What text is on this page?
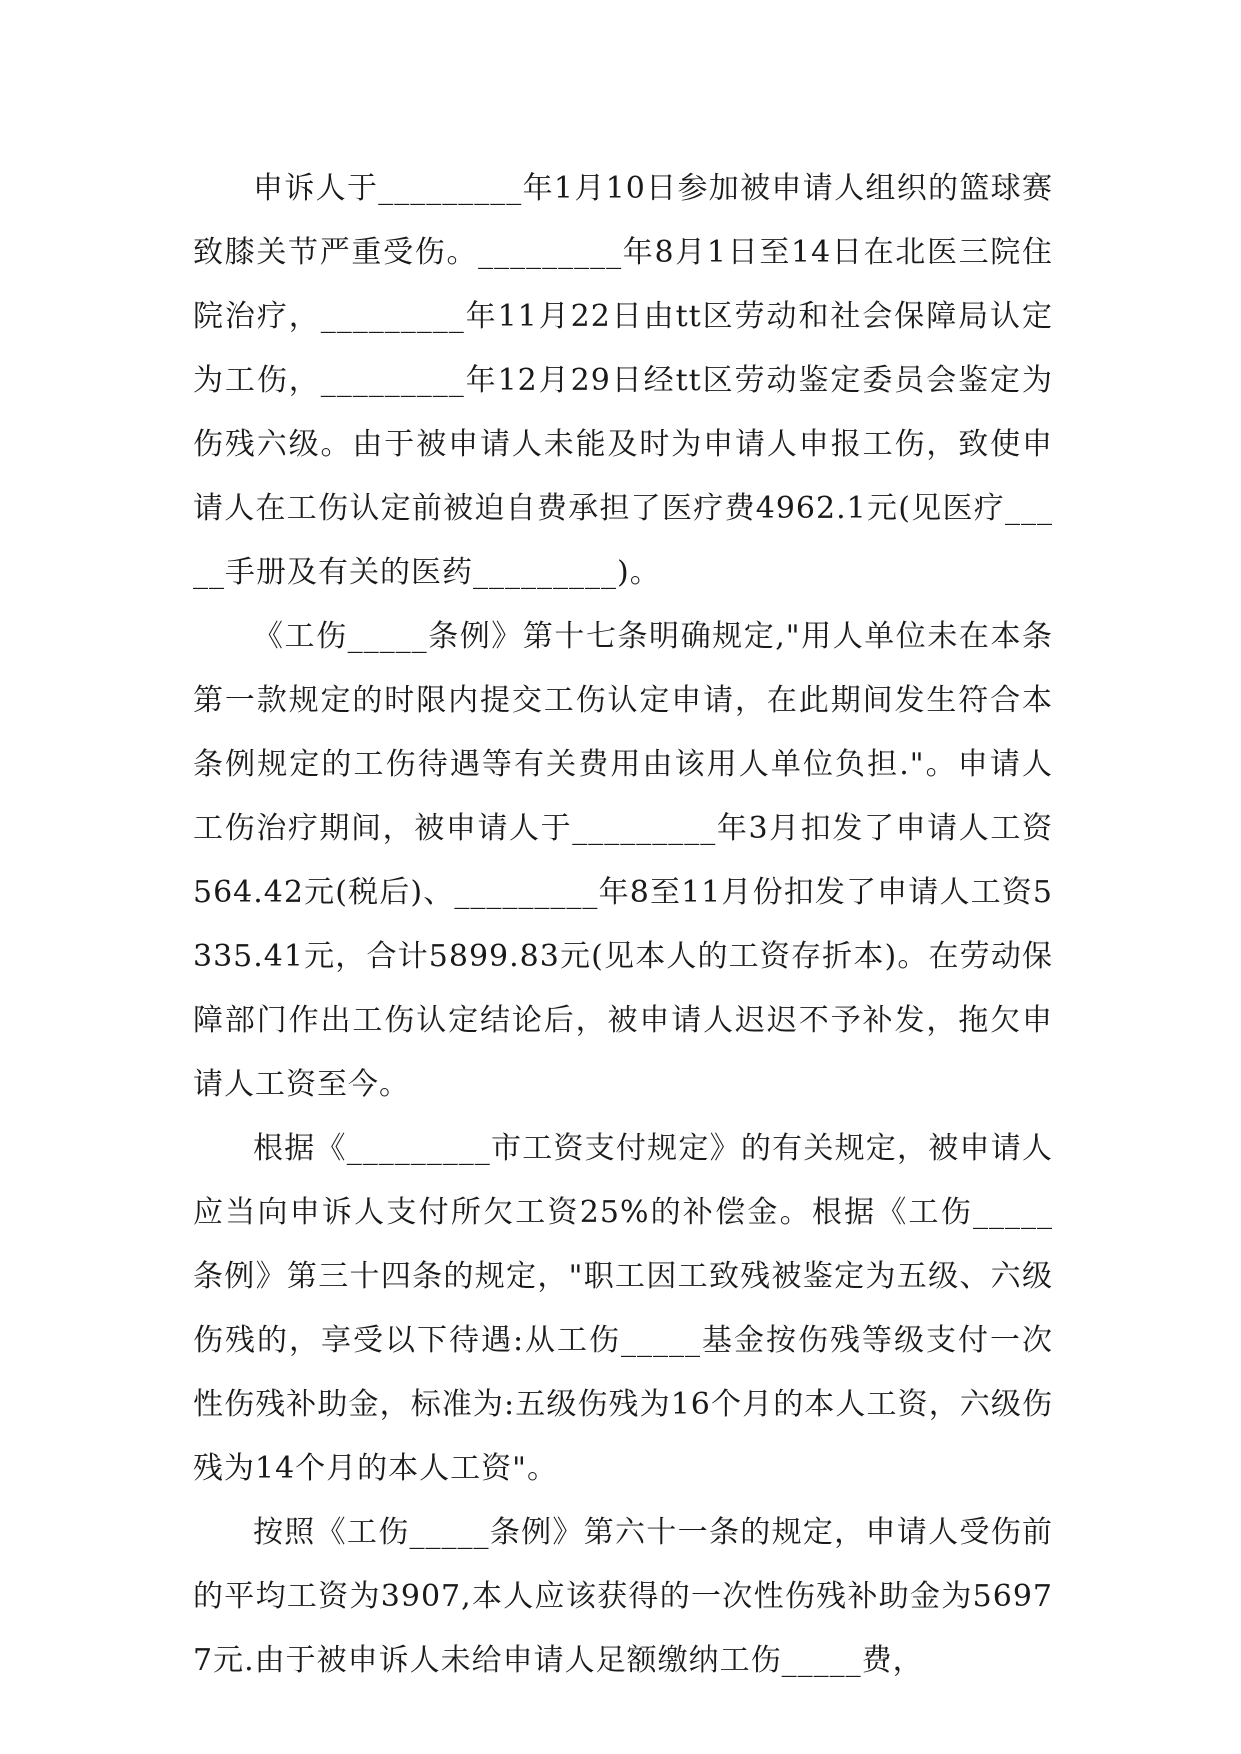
申诉人于_________年1月10日参加被申请人组织的篮球赛致膝关节严重受伤。_________年8月1日至14日在北医三院住院治疗，_________年11月22日由tt区劳动和社会保障局认定为工伤，_________年12月29日经tt区劳动鉴定委员会鉴定为伤残六级。由于被申请人未能及时为申请人申报工伤，致使申请人在工伤认定前被迫自费承担了医疗费4962.1元(见医疗_____手册及有关的医药_________)。

《工伤_____条例》第十七条明确规定,"用人单位未在本条第一款规定的时限内提交工伤认定申请，在此期间发生符合本条例规定的工伤待遇等有关费用由该用人单位负担."。申请人工伤治疗期间，被申请人于_________年3月扣发了申请人工资564.42元(税后)、_________年8至11月份扣发了申请人工资5335.41元，合计5899.83元(见本人的工资存折本)。在劳动保障部门作出工伤认定结论后，被申请人迟迟不予补发，拖欠申请人工资至今。

根据《_________市工资支付规定》的有关规定，被申请人应当向申诉人支付所欠工资25%的补偿金。根据《工伤_____条例》第三十四条的规定，"职工因工致残被鉴定为五级、六级伤残的，享受以下待遇:从工伤_____基金按伤残等级支付一次性伤残补助金，标准为:五级伤残为16个月的本人工资，六级伤残为14个月的本人工资"。

按照《工伤_____条例》第六十一条的规定，申请人受伤前的平均工资为3907,本人应该获得的一次性伤残补助金为56977元.由于被申诉人未给申请人足额缴纳工伤_____费，
